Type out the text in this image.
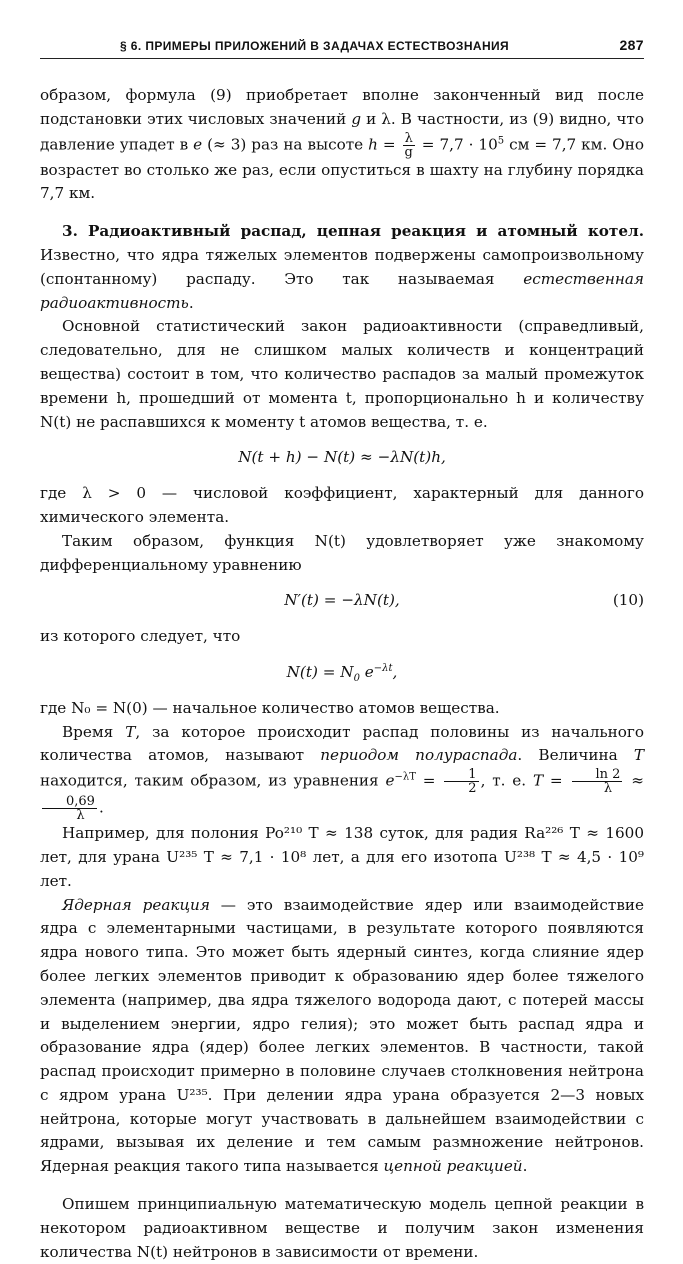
§ 6. ПРИМЕРЫ ПРИЛОЖЕНИЙ В ЗАДАЧАХ ЕСТЕСТВОЗНАНИЯ	287

образом, формула (9) приобретает вполне законченный вид после подстановки этих числовых значений g и λ. В частности, из (9) видно, что давление упадет в e (≈ 3) раз на высоте $h = \frac{\lambda}{g} = 7,7 \cdot 10^5$ см = 7,7 км. Оно возрастет во столько же раз, если опуститься в шахту на глубину порядка 7,7 км.

3. Радиоактивный распад, цепная реакция и атомный котел. Известно, что ядра тяжелых элементов подвержены самопроизвольному (спонтанному) распаду. Это так называемая естественная радиоактивность.

Основной статистический закон радиоактивности (справедливый, следовательно, для не слишком малых количеств и концентраций вещества) состоит в том, что количество распадов за малый промежуток времени h, прошедший от момента t, пропорционально h и количеству N(t) не распавшихся к моменту t атомов вещества, т. е.

N(t + h) − N(t) ≈ −λN(t)h,

где λ > 0 — числовой коэффициент, характерный для данного химического элемента.

Таким образом, функция N(t) удовлетворяет уже знакомому дифференциальному уравнению

N′(t) = −λN(t),	(10)

из которого следует, что

$N(t) = N_0$ $e^{-\lambda t}$,

где N₀ = N(0) — начальное количество атомов вещества.

Время T, за которое происходит распад половины из начального количества атомов, называют периодом полураспада. Величина T находится, таким образом, из уравнения $e^{-\lambda T} = \frac{1}{2}$ , т. е. $T = \frac{\ln 2}{\lambda}$ ≈
$\frac{0,69}{\lambda}$ .

Например, для полония Po²¹⁰ T ≈ 138 суток, для радия Ra²²⁶ T ≈ 1600 лет, для урана U²³⁵ T ≈ 7,1 · 10⁸ лет, а для его изотопа U²³⁸ T ≈ 4,5 · 10⁹ лет.

Ядерная реакция — это взаимодействие ядер или взаимодействие ядра с элементарными частицами, в результате которого появляются ядра нового типа. Это может быть ядерный синтез, когда слияние ядер более легких элементов приводит к образованию ядер более тяжелого элемента (например, два ядра тяжелого водорода дают, с потерей массы и выделением энергии, ядро гелия); это может быть распад ядра и образование ядра (ядер) более легких элементов. В частности, такой распад происходит примерно в половине случаев столкновения нейтрона с ядром урана U²³⁵. При делении ядра урана образуется 2—3 новых нейтрона, которые могут участвовать в дальнейшем взаимодействии с ядрами, вызывая их деление и тем самым размножение нейтронов. Ядерная реакция такого типа называется цепной реакцией.

Опишем принципиальную математическую модель цепной реакции в некотором радиоактивном веществе и получим закон изменения количества N(t) нейтронов в зависимости от времени.
